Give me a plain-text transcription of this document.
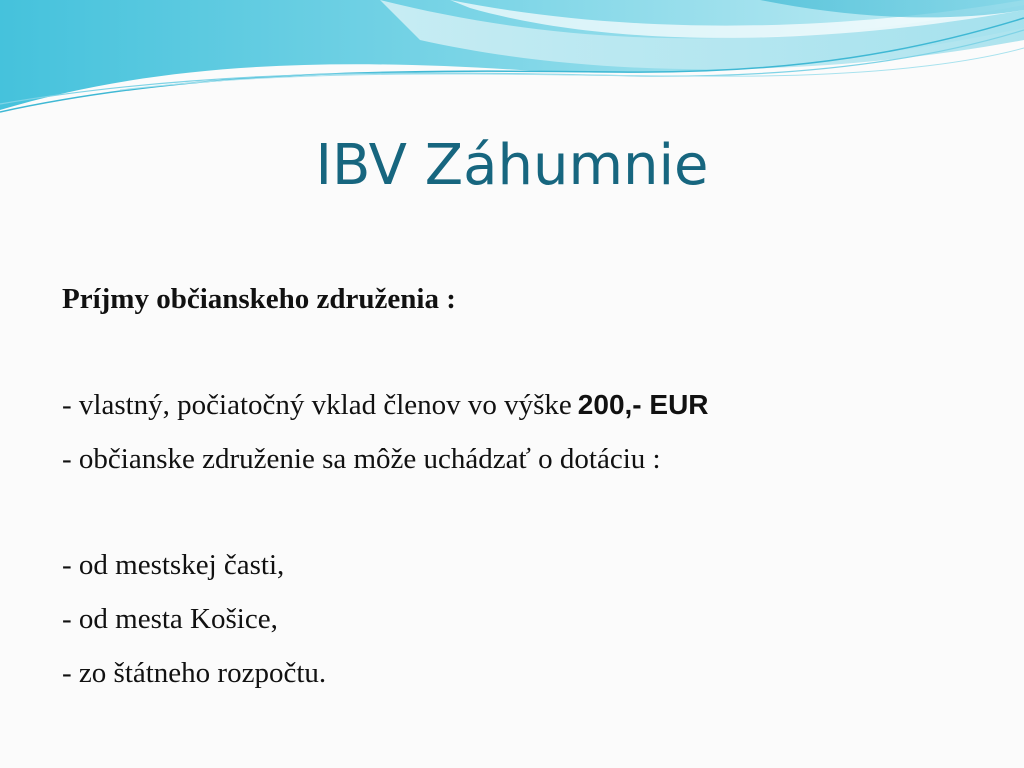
IBV Záhumnie
Príjmy občianskeho združenia :
- vlastný, počiatočný vklad členov vo výške 200,- EUR
- občianske združenie sa môže uchádzať o dotáciu :
- od mestskej časti,
- od mesta Košice,
- zo štátneho rozpočtu.
